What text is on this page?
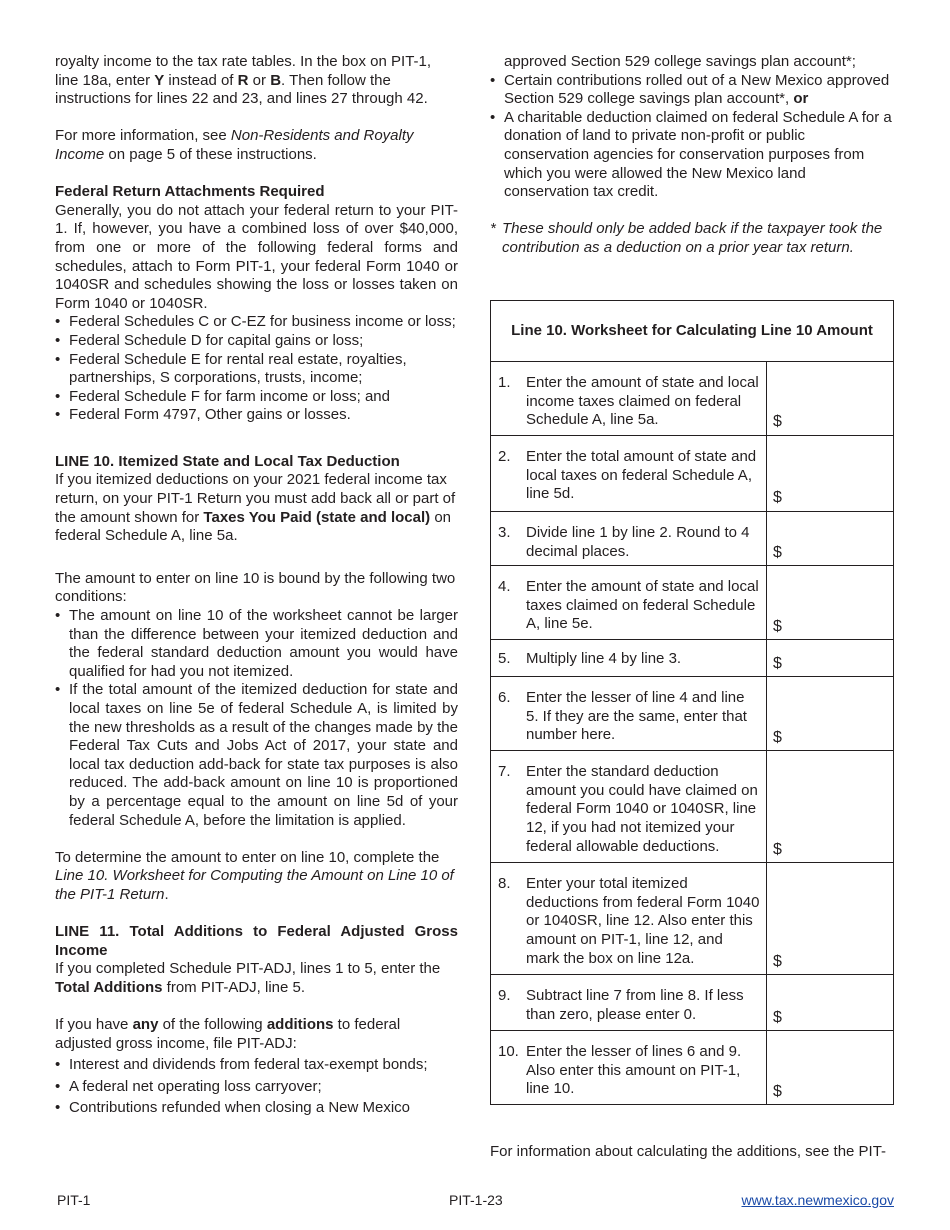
royalty income to the tax rate tables. In the box on PIT-1, line 18a, enter Y instead of R or B. Then follow the instructions for lines 22 and 23, and lines 27 through 42.

For more information, see Non-Residents and Royalty Income on page 5 of these instructions.

Federal Return Attachments Required

Generally, you do not attach your federal return to your PIT-1. If, however, you have a combined loss of over $40,000, from one or more of the following federal forms and schedules, attach to Form PIT-1, your federal Form 1040 or 1040SR and schedules showing the loss or losses taken on Form 1040 or 1040SR.

• Federal Schedules C or C-EZ for business income or loss;
• Federal Schedule D for capital gains or loss;
• Federal Schedule E for rental real estate, royalties, partnerships, S corporations, trusts, income;
• Federal Schedule F for farm income or loss; and
• Federal Form 4797, Other gains or losses.

LINE 10. Itemized State and Local Tax Deduction

If you itemized deductions on your 2021 federal income tax return, on your PIT-1 Return you must add back all or part of the amount shown for Taxes You Paid (state and local) on federal Schedule A, line 5a.

The amount to enter on line 10 is bound by the following two conditions:

• The amount on line 10 of the worksheet cannot be larger than the difference between your itemized deduction and the federal standard deduction amount you would have qualified for had you not itemized.
• If the total amount of the itemized deduction for state and local taxes on line 5e of federal Schedule A, is limited by the new thresholds as a result of the changes made by the Federal Tax Cuts and Jobs Act of 2017, your state and local tax deduction add-back for state tax purposes is also reduced. The add-back amount on line 10 is proportioned by a percentage equal to the amount on line 5d of your federal Schedule A, before the limitation is applied.

To determine the amount to enter on line 10, complete the Line 10. Worksheet for Computing the Amount on Line 10 of the PIT-1 Return.

LINE 11. Total Additions to Federal Adjusted Gross Income

If you completed Schedule PIT-ADJ, lines 1 to 5, enter the Total Additions from PIT-ADJ, line 5.

If you have any of the following additions to federal adjusted gross income, file PIT-ADJ:

• Interest and dividends from federal tax-exempt bonds;
• A federal net operating loss carryover;
• Contributions refunded when closing a New Mexico

approved Section 529 college savings plan account*;

• Certain contributions rolled out of a New Mexico approved Section 529 college savings plan account*, or
• A charitable deduction claimed on federal Schedule A for a donation of land to private non-profit or public conservation agencies for conservation purposes from which you were allowed the New Mexico land conservation tax credit.

* These should only be added back if the taxpayer took the contribution as a deduction on a prior year tax return.

Line 10. Worksheet for Calculating Line 10 Amount	

1. Enter the amount of state and local income taxes claimed on federal Schedule A, line 5a.	$

2. Enter the total amount of state and local taxes on federal Schedule A, line 5d.	$

3. Divide line 1 by line 2. Round to 4 decimal places.	$

4. Enter the amount of state and local taxes claimed on federal Schedule A, line 5e.	$

5. Multiply line 4 by line 3.	$

6. Enter the lesser of line 4 and line 5. If they are the same, enter that number here.	$

7. Enter the standard deduction amount you could have claimed on federal Form 1040 or 1040SR, line 12, if you had not itemized your federal allowable deductions.	$

8. Enter your total itemized deductions from federal Form 1040 or 1040SR, line 12. Also enter this amount on PIT-1, line 12, and mark the box on line 12a.	$

9. Subtract line 7 from line 8. If less than zero, please enter 0.	$

10. Enter the lesser of lines 6 and 9. Also enter this amount on PIT-1, line 10.	$

For information about calculating the additions, see the PIT-

PIT-1	PIT-1-23	www.tax.newmexico.gov
